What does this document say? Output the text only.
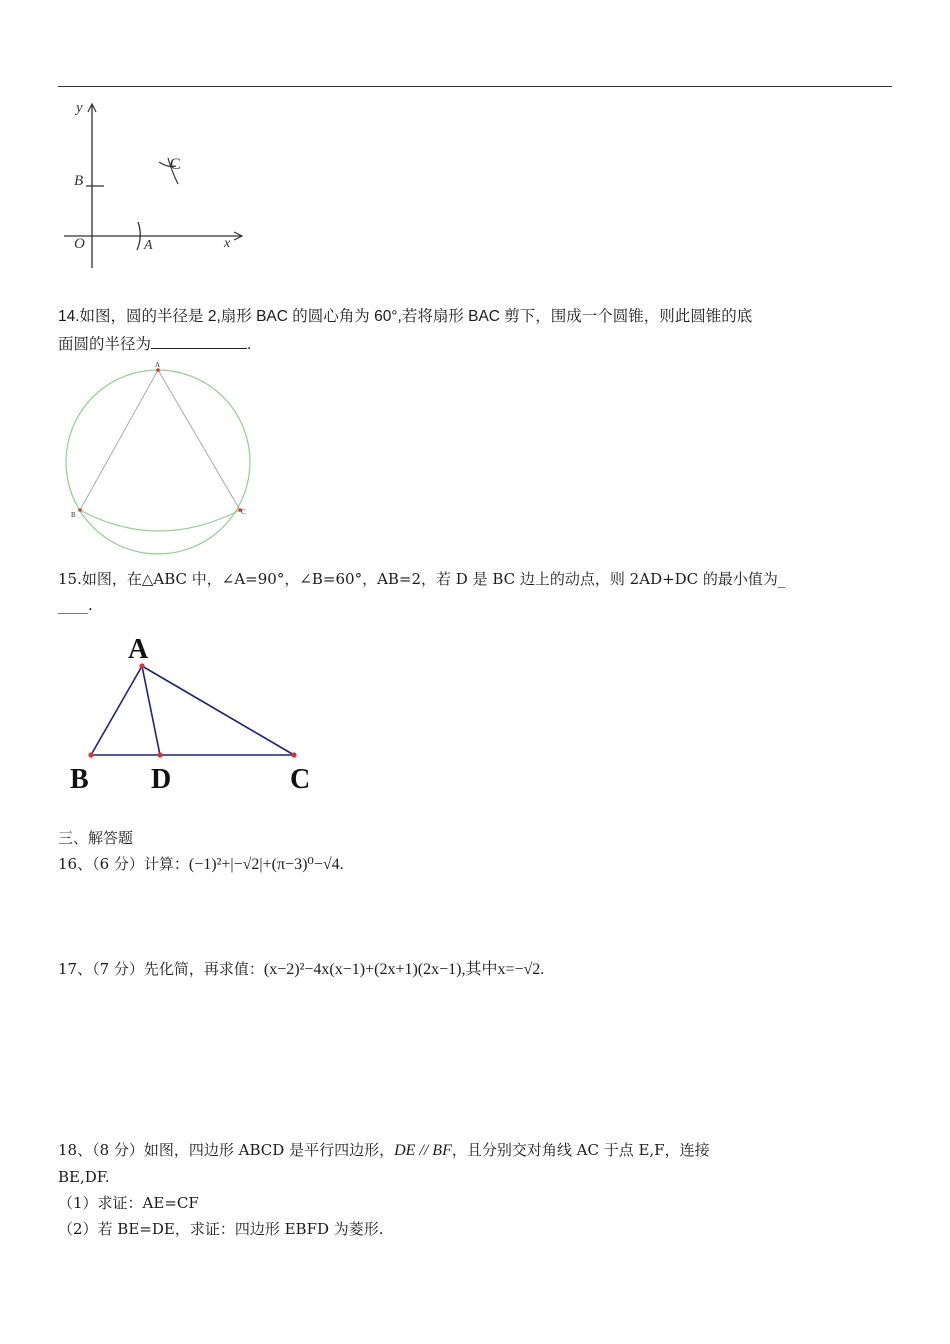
y
B
C
O	A	x
14.如图，圆的半径是 2,扇形 BAC 的圆心角为 60°,若将扇形 BAC 剪下，围成一个圆锥，则此圆锥的底
面圆的半径为	.
A
B	C
15.如图，在△ABC 中，∠A=90°，∠B=60°，AB=2，若 D 是 BC 边上的动点，则 2AD+DC 的最小值为_
____.
A
B D	C
三、解答题
16、（6 分）计算：(−1)²+|−√2|+(π−3)⁰−√4.
17、（7 分）先化简，再求值：(x−2)²−4x(x−1)+(2x+1)(2x−1),其中x=−√2.
18、（8 分）如图，四边形 ABCD 是平行四边形，DE // BF，且分别交对角线 AC 于点 E,F，连接
BE,DF.
（1）求证：AE=CF
（2）若 BE=DE，求证：四边形 EBFD 为菱形.
